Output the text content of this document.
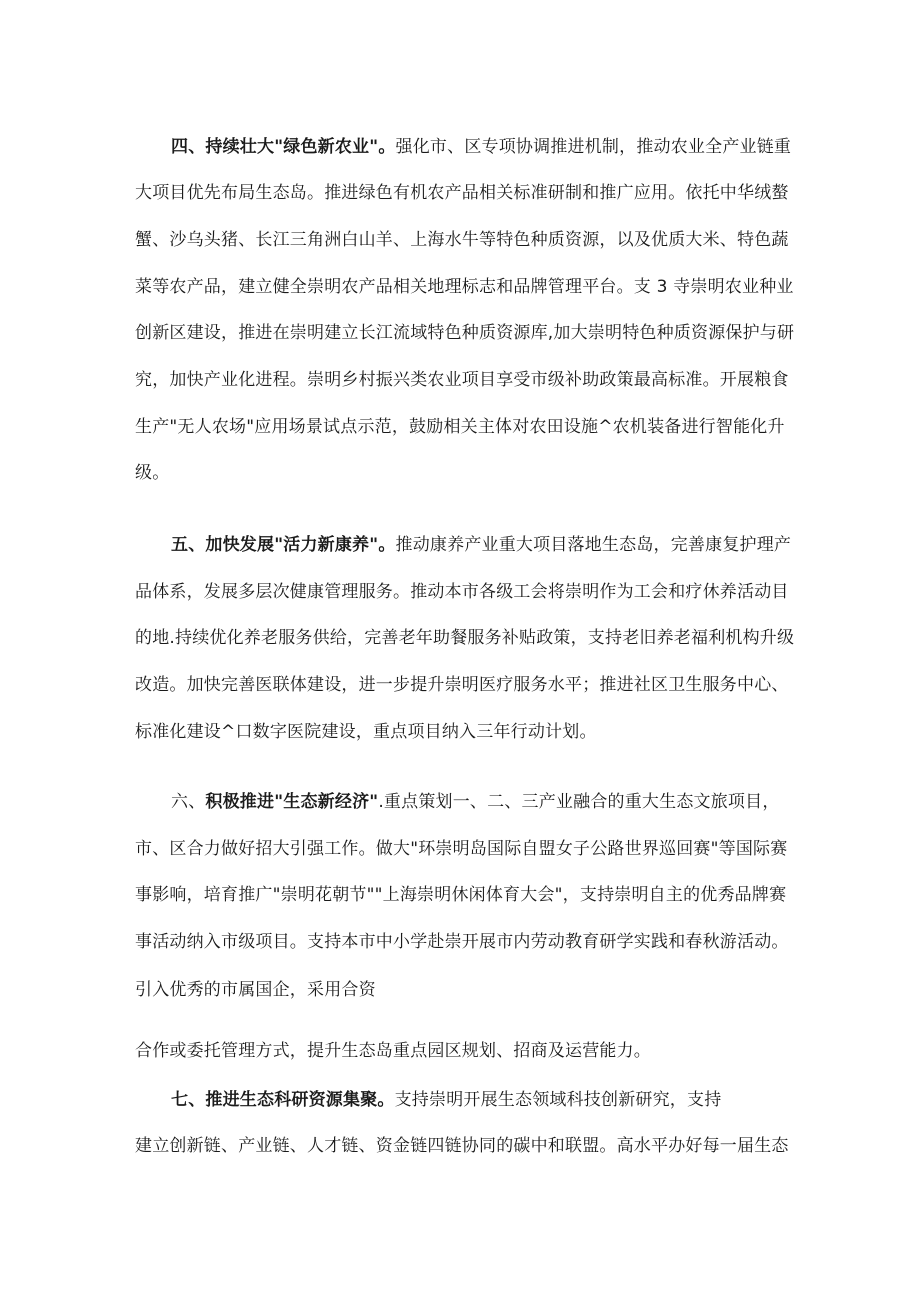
四、持续壮大"绿色新农业"。强化市、区专项协调推进机制，推动农业全产业链重
大项目优先布局生态岛。推进绿色有机农产品相关标准研制和推广应用。依托中华绒螯
蟹、沙乌头猪、长江三角洲白山羊、上海水牛等特色种质资源，以及优质大米、特色蔬
菜等农产品，建立健全崇明农产品相关地理标志和品牌管理平台。支 3 寺崇明农业种业
创新区建设，推进在崇明建立长江流域特色种质资源库,加大崇明特色种质资源保护与研
究，加快产业化进程。崇明乡村振兴类农业项目享受市级补助政策最高标准。开展粮食
生产"无人农场"应用场景试点示范，鼓励相关主体对农田设施^农机装备进行智能化升
级。
五、加快发展"活力新康养"。推动康养产业重大项目落地生态岛，完善康复护理产
品体系，发展多层次健康管理服务。推动本市各级工会将崇明作为工会和疗休养活动目
的地.持续优化养老服务供给，完善老年助餐服务补贴政策，支持老旧养老福利机构升级
改造。加快完善医联体建设，进一步提升崇明医疗服务水平；推进社区卫生服务中心、
标准化建设^口数字医院建设，重点项目纳入三年行动计划。
六、积极推进"生态新经济".重点策划一、二、三产业融合的重大生态文旅项目，
市、区合力做好招大引强工作。做大"环崇明岛国际自盟女子公路世界巡回赛"等国际赛
事影响，培育推广"崇明花朝节""上海崇明休闲体育大会"，支持崇明自主的优秀品牌赛
事活动纳入市级项目。支持本市中小学赴崇开展市内劳动教育研学实践和春秋游活动。
引入优秀的市属国企，采用合资
合作或委托管理方式，提升生态岛重点园区规划、招商及运营能力。
七、推进生态科研资源集聚。支持崇明开展生态领域科技创新研究，支持
建立创新链、产业链、人才链、资金链四链协同的碳中和联盟。高水平办好每一届生态
